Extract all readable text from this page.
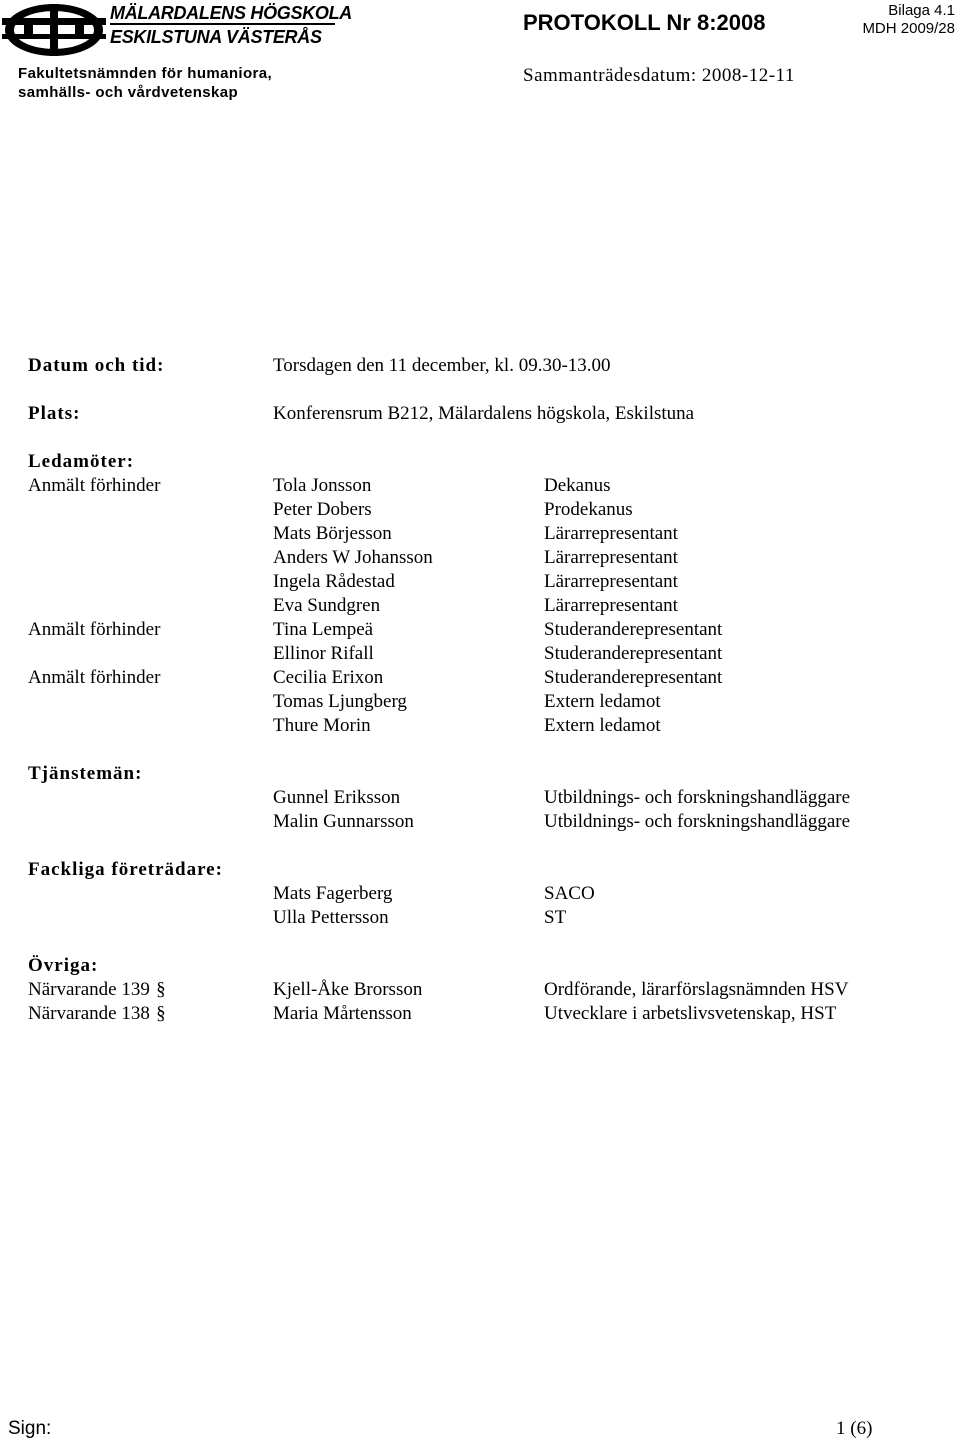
MÄLARDALENS HÖGSKOLA
ESKILSTUNA VÄSTERÅS
Fakultetsnämnden för humaniora,
samhälls- och vårdvetenskap
PROTOKOLL Nr 8:2008	Bilaga 4.1
MDH 2009/28
Sammanträdesdatum: 2008-12-11
Datum och tid:	Torsdagen den 11 december, kl. 09.30-13.00
Plats:	Konferensrum B212, Mälardalens högskola, Eskilstuna
Ledamöter:
Anmält förhinder	Tola Jonsson	Dekanus
Peter Dobers	Prodekanus
Mats Börjesson	Lärarrepresentant
Anders W Johansson	Lärarrepresentant
Ingela Rådestad	Lärarrepresentant
Eva Sundgren	Lärarrepresentant
Anmält förhinder	Tina Lempeä	Studeranderepresentant
Ellinor Rifall	Studeranderepresentant
Anmält förhinder	Cecilia Erixon	Studeranderepresentant
Tomas Ljungberg	Extern ledamot
Thure Morin	Extern ledamot
Tjänstemän:
Gunnel Eriksson	Utbildnings- och forskningshandläggare
Malin Gunnarsson	Utbildnings- och forskningshandläggare
Fackliga företrädare:
Mats Fagerberg	SACO
Ulla Pettersson	ST
Övriga:
Närvarande 139 §	Kjell-Åke Brorsson	Ordförande, lärarförslagsnämnden HSV
Närvarande 138 §	Maria Mårtensson	Utvecklare i arbetslivsvetenskap, HST
Sign:	1 (6)
